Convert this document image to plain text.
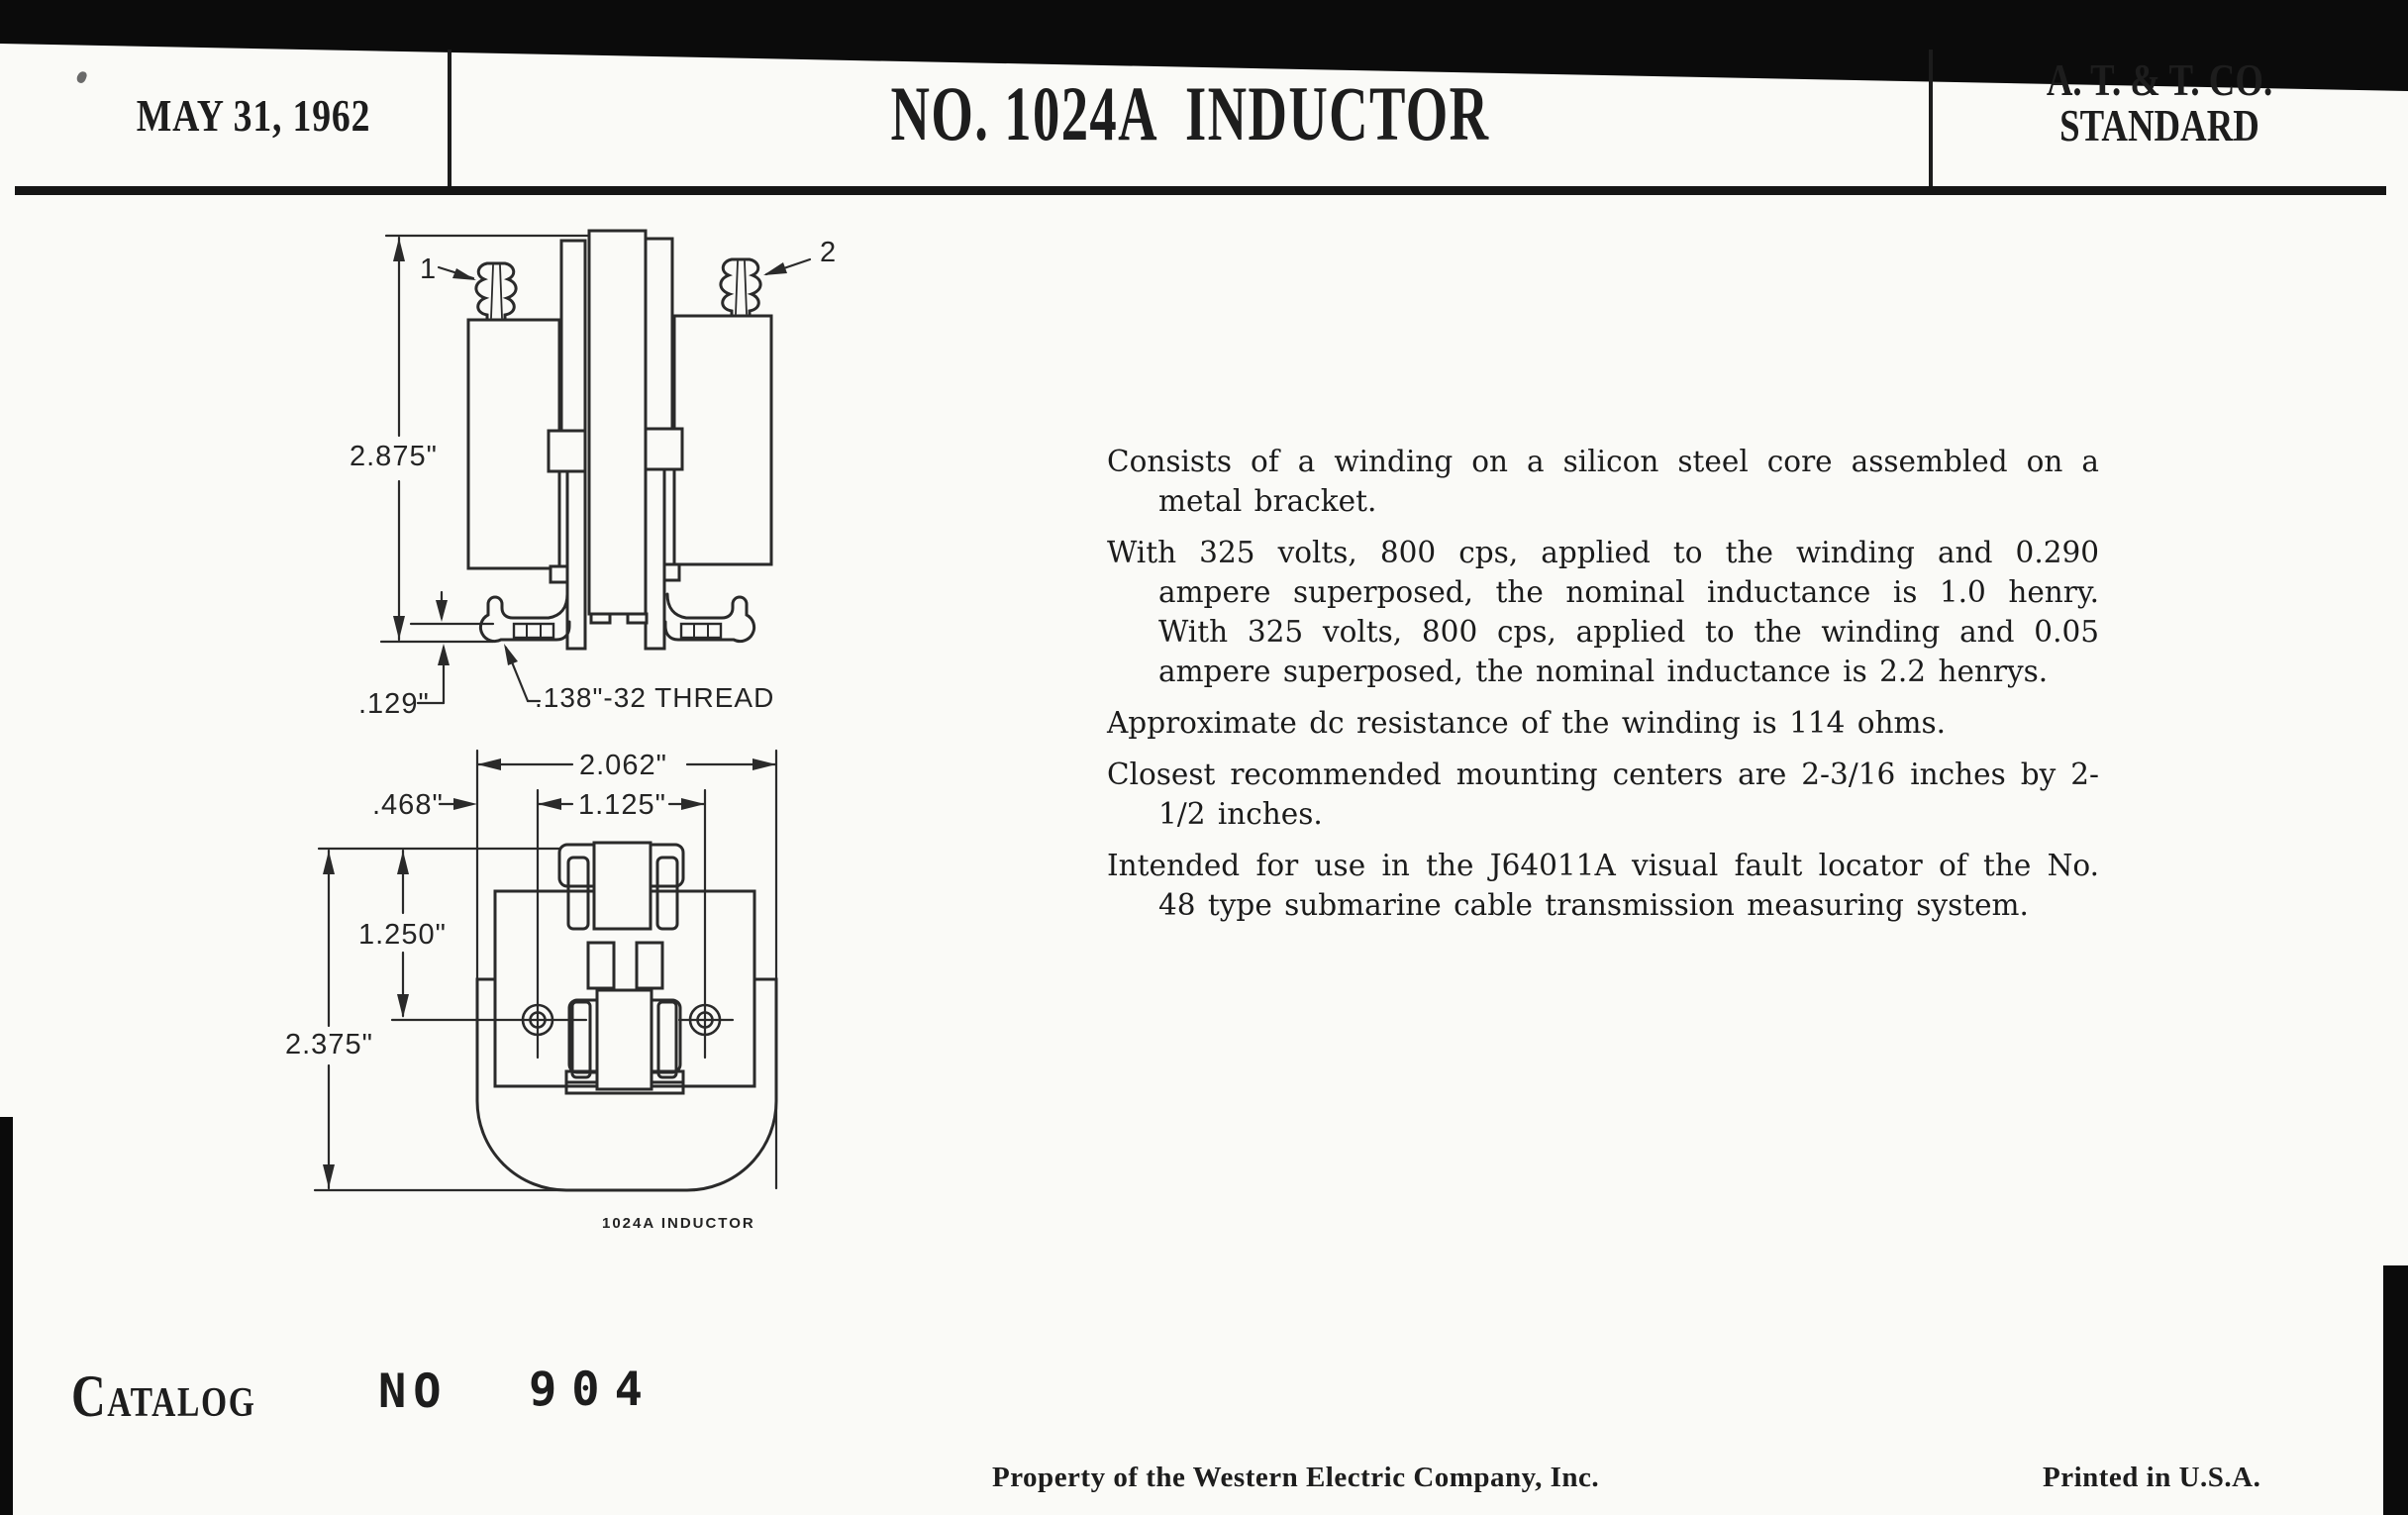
MAY 31, 1962	NO. 1024A  INDUCTOR	A. T. & T. CO.
STANDARD
2.875"
.129"	.138"-32 THREAD
1
2
2.062"
.468"	1.125"
1.250"
2.375"
1024A INDUCTOR

Consists of a winding on a silicon steel core assembled on a metal bracket.

With 325 volts, 800 cps, applied to the winding and 0.290 ampere superposed, the nominal inductance is 1.0 henry. With 325 volts, 800 cps, applied to the winding and 0.05 ampere superposed, the nominal inductance is 2.2 henrys.

Approximate dc resistance of the winding is 114 ohms.

Closest recommended mounting centers are 2-3/16 inches by 2-1/2 inches.

Intended for use in the J64011A visual fault locator of the No. 48 type submarine cable transmission measuring system.

Catalog	NO 904
Property of the Western Electric Company, Inc.	Printed in U.S.A.
